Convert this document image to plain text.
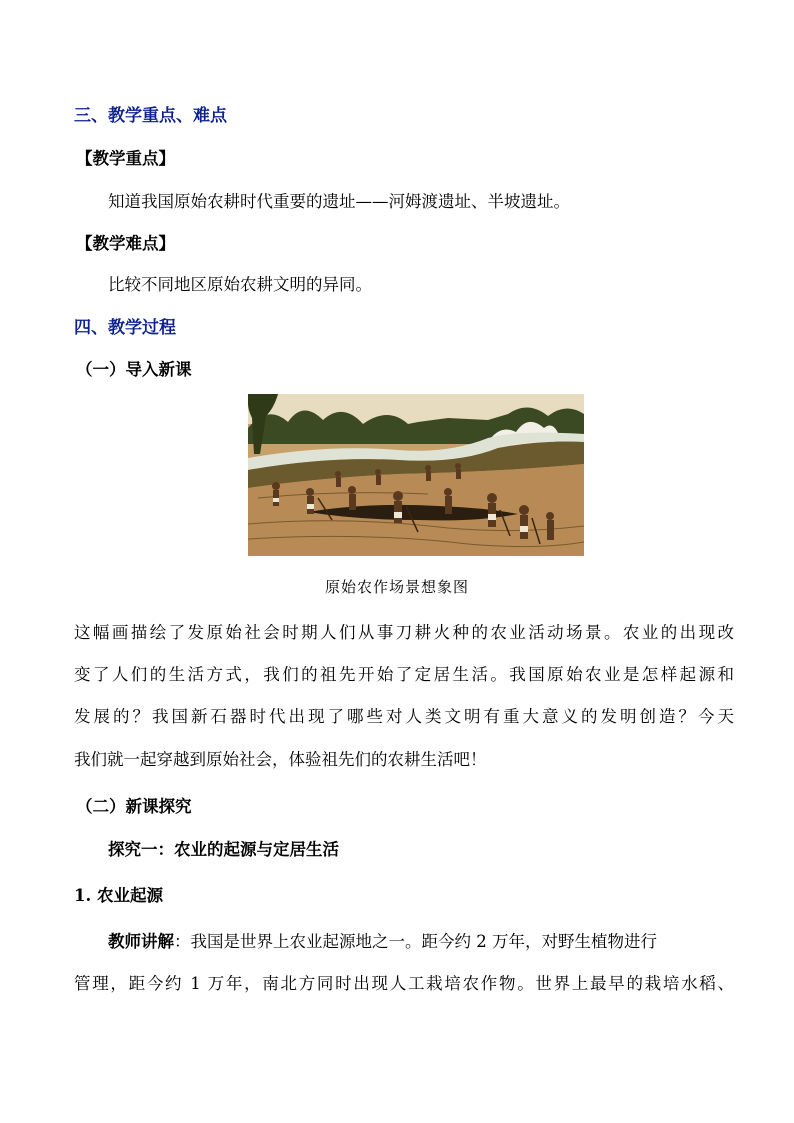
三、教学重点、难点
【教学重点】
知道我国原始农耕时代重要的遗址——河姆渡遗址、半坡遗址。
【教学难点】
比较不同地区原始农耕文明的异同。
四、教学过程
（一）导入新课
原始农作场景想象图
这幅画描绘了发原始社会时期人们从事刀耕火种的农业活动场景。农业的出现改
变了人们的生活方式，我们的祖先开始了定居生活。我国原始农业是怎样起源和
发展的？我国新石器时代出现了哪些对人类文明有重大意义的发明创造？今天
我们就一起穿越到原始社会，体验祖先们的农耕生活吧！
（二）新课探究
探究一：农业的起源与定居生活
1. 农业起源
教师讲解：我国是世界上农业起源地之一。距今约 2 万年，对野生植物进行
管理，距今约 1 万年，南北方同时出现人工栽培农作物。世界上最早的栽培水稻、
